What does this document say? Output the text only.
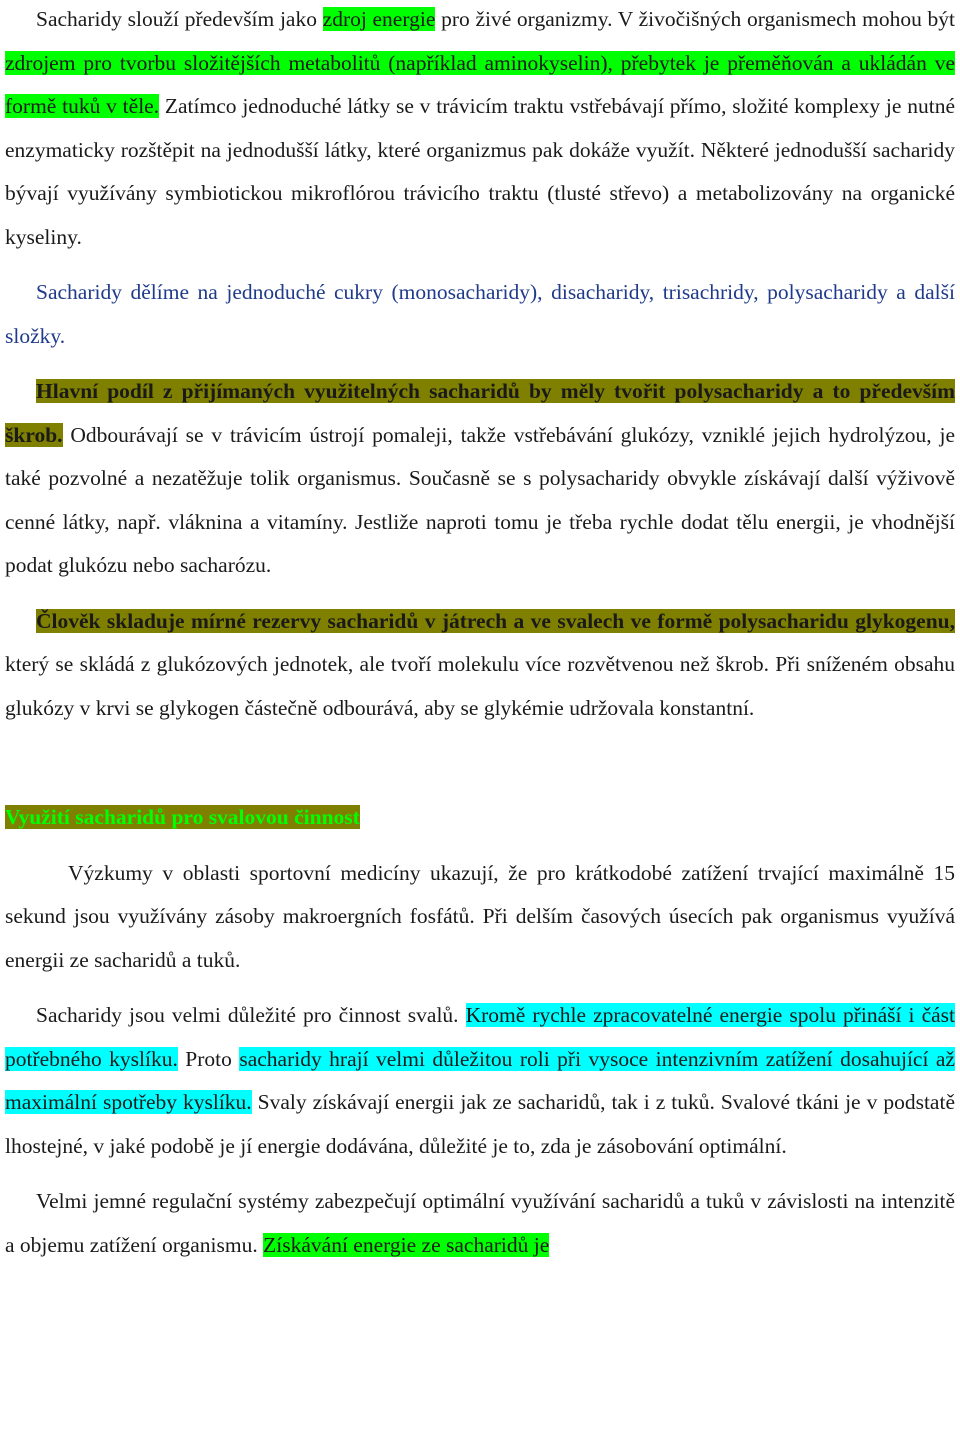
Sacharidy slouží především jako zdroj energie pro živé organizmy. V živočišných organismech mohou být zdrojem pro tvorbu složitějších metabolitů (například aminokyselin), přebytek je přeměňován a ukládán ve formě tuků v těle. Zatímco jednoduché látky se v trávicím traktu vstřebávají přímo, složité komplexy je nutné enzymaticky rozštěpit na jednodušší látky, které organizmus pak dokáže využít. Některé jednodušší sacharidy bývají využívány symbiotickou mikroflórou trávicího traktu (tlusté střevo) a metabolizovány na organické kyseliny.

Sacharidy dělíme na jednoduché cukry (monosacharidy), disacharidy, trisachridy, polysacharidy a další složky.

Hlavní podíl z přijímaných využitelných sacharidů by měly tvořit polysacharidy a to především škrob. Odbourávají se v trávicím ústrojí pomaleji, takže vstřebávání glukózy, vzniklé jejich hydrolýzou, je také pozvolné a nezatěžuje tolik organismus. Současně se s polysacharidy obvykle získávají další výživově cenné látky, např. vláknina a vitamíny. Jestliže naproti tomu je třeba rychle dodat tělu energii, je vhodnější podat glukózu nebo sacharózu.

Člověk skladuje mírné rezervy sacharidů v játrech a ve svalech ve formě polysacharidu glykogenu, který se skládá z glukózových jednotek, ale tvoří molekulu více rozvětvenou než škrob. Při sníženém obsahu glukózy v krvi se glykogen částečně odbourává, aby se glykémie udržovala konstantní.

Využití sacharidů pro svalovou činnost

Výzkumy v oblasti sportovní medicíny ukazují, že pro krátkodobé zatížení trvající maximálně 15 sekund jsou využívány zásoby makroergních fosfátů. Při delším časových úsecích pak organismus využívá energii ze sacharidů a tuků.

Sacharidy jsou velmi důležité pro činnost svalů. Kromě rychle zpracovatelné energie spolu přináší i část potřebného kyslíku. Proto sacharidy hrají velmi důležitou roli při vysoce intenzivním zatížení dosahující až maximální spotřeby kyslíku. Svaly získávají energii jak ze sacharidů, tak i z tuků. Svalové tkáni je v podstatě lhostejné, v jaké podobě je jí energie dodávána, důležité je to, zda je zásobování optimální.

Velmi jemné regulační systémy zabezpečují optimální využívání sacharidů a tuků v závislosti na intenzitě a objemu zatížení organismu. Získávání energie ze sacharidů je
